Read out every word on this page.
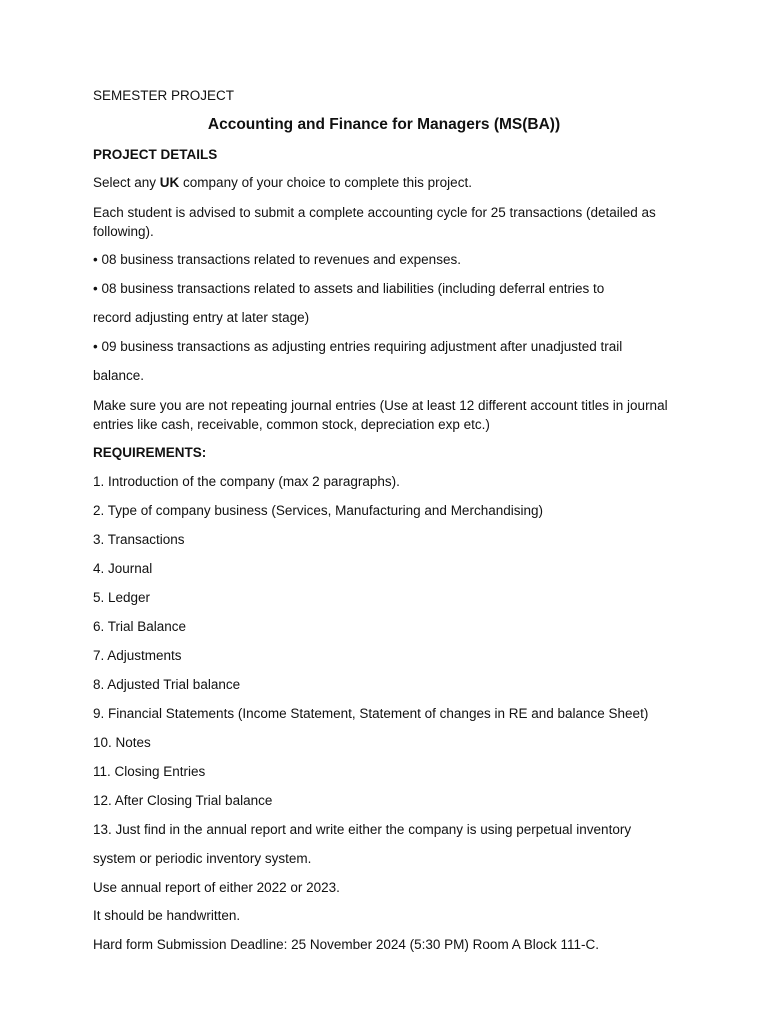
SEMESTER PROJECT
Accounting and Finance for Managers (MS(BA))
PROJECT DETAILS
Select any UK company of your choice to complete this project.
Each student is advised to submit a complete accounting cycle for 25 transactions (detailed as following).
• 08 business transactions related to revenues and expenses.
• 08 business transactions related to assets and liabilities (including deferral entries to
record adjusting entry at later stage)
• 09 business transactions as adjusting entries requiring adjustment after unadjusted trail
balance.
Make sure you are not repeating journal entries (Use at least 12 different account titles in journal entries like cash, receivable, common stock, depreciation exp etc.)
REQUIREMENTS:
1. Introduction of the company (max 2 paragraphs).
2. Type of company business (Services, Manufacturing and Merchandising)
3. Transactions
4. Journal
5. Ledger
6. Trial Balance
7. Adjustments
8. Adjusted Trial balance
9. Financial Statements (Income Statement, Statement of changes in RE and balance Sheet)
10. Notes
11. Closing Entries
12. After Closing Trial balance
13. Just find in the annual report and write either the company is using perpetual inventory
system or periodic inventory system.
Use annual report of either 2022 or 2023.
It should be handwritten.
Hard form Submission Deadline: 25 November 2024 (5:30 PM) Room A Block 111-C.
